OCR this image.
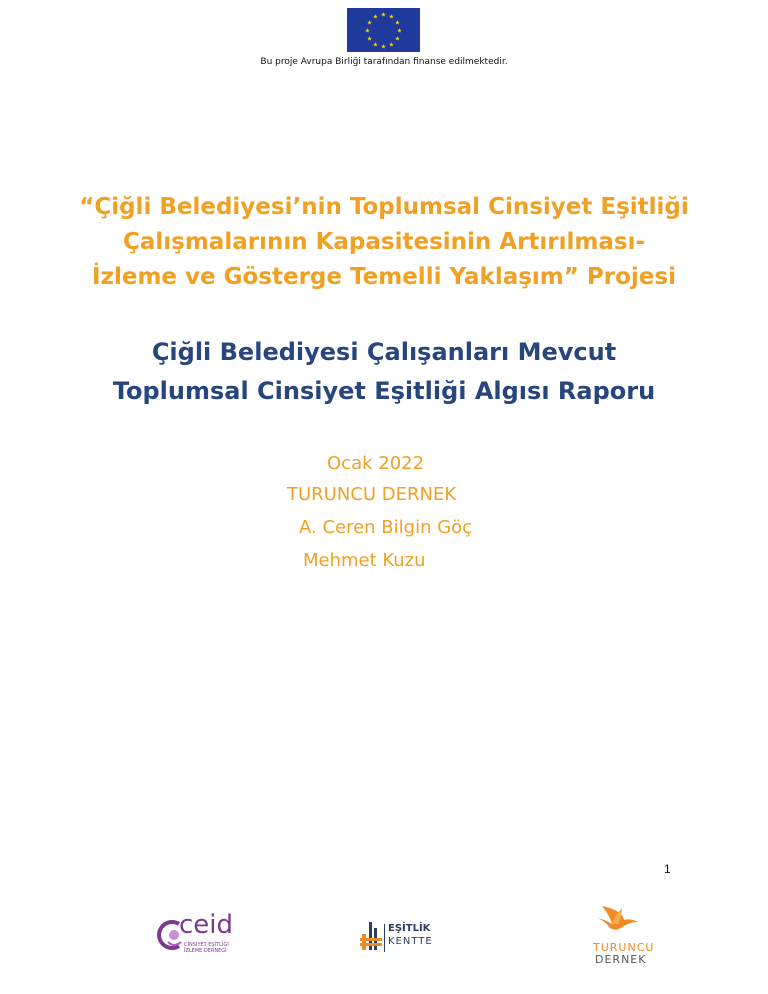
★ ★
★
★
★
★
★
★
★
★
★
★
Bu proje Avrupa Birliği tarafından finanse edilmektedir.
“Çiğli Belediyesi’nin Toplumsal Cinsiyet Eşitliği
Çalışmalarının Kapasitesinin Artırılması-
İzleme ve Gösterge Temelli Yaklaşım” Projesi
Çiğli Belediyesi Çalışanları Mevcut
Toplumsal Cinsiyet Eşitliği Algısı Raporu
Ocak 2022
TURUNCU DERNEK
A. Ceren Bilgin Göç
Mehmet Kuzu
1
ceid
CİNSİYET EŞİTLİĞİ
İZLEME DERNEĞİ
EŞİTLİK
KENTTE	TURUNCU
DERNEK
